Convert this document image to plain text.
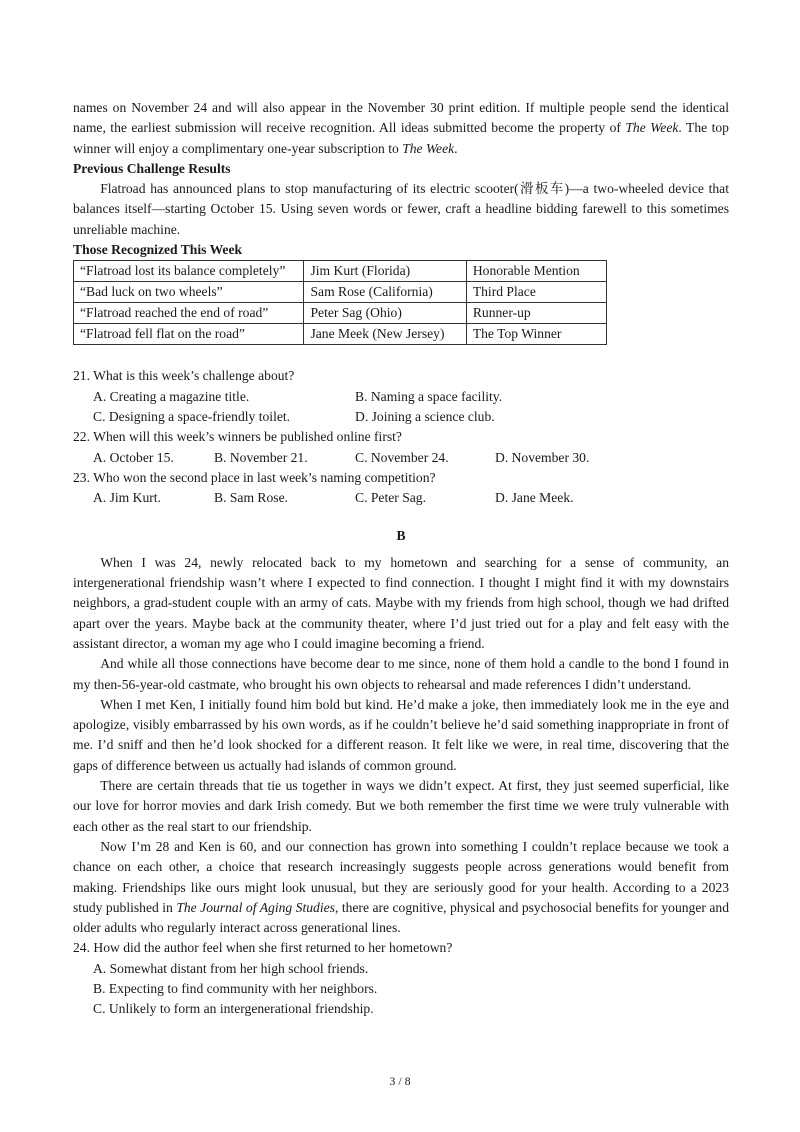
names on November 24 and will also appear in the November 30 print edition. If multiple people send the identical name, the earliest submission will receive recognition. All ideas submitted become the property of The Week. The top winner will enjoy a complimentary one-year subscription to The Week.

Previous Challenge Results

Flatroad has announced plans to stop manufacturing of its electric scooter(滑板车)—a two-wheeled device that balances itself—starting October 15. Using seven words or fewer, craft a headline bidding farewell to this sometimes unreliable machine.

Those Recognized This Week

“Flatroad lost its balance completely”	Jim Kurt (Florida)	Honorable Mention
“Bad luck on two wheels”	Sam Rose (California)	Third Place
“Flatroad reached the end of road”	Peter Sag (Ohio)	Runner-up
“Flatroad fell flat on the road”	Jane Meek (New Jersey)	The Top Winner

21. What is this week’s challenge about?

A. Creating a magazine title.	B. Naming a space facility.
C. Designing a space-friendly toilet.	D. Joining a science club.

22. When will this week’s winners be published online first?

A. October 15.	B. November 21.	C. November 24.	D. November 30.

23. Who won the second place in last week’s naming competition?

A. Jim Kurt.	B. Sam Rose.	C. Peter Sag.	D. Jane Meek.

B

When I was 24, newly relocated back to my hometown and searching for a sense of community, an intergenerational friendship wasn’t where I expected to find connection. I thought I might find it with my downstairs neighbors, a grad-student couple with an army of cats. Maybe with my friends from high school, though we had drifted apart over the years. Maybe back at the community theater, where I’d just tried out for a play and felt easy with the assistant director, a woman my age who I could imagine becoming a friend.

And while all those connections have become dear to me since, none of them hold a candle to the bond I found in my then-56-year-old castmate, who brought his own objects to rehearsal and made references I didn’t understand.

When I met Ken, I initially found him bold but kind. He’d make a joke, then immediately look me in the eye and apologize, visibly embarrassed by his own words, as if he couldn’t believe he’d said something inappropriate in front of me. I’d sniff and then he’d look shocked for a different reason. It felt like we were, in real time, discovering that the gaps of difference between us actually had islands of common ground.

There are certain threads that tie us together in ways we didn’t expect. At first, they just seemed superficial, like our love for horror movies and dark Irish comedy. But we both remember the first time we were truly vulnerable with each other as the real start to our friendship.

Now I’m 28 and Ken is 60, and our connection has grown into something I couldn’t replace because we took a chance on each other, a choice that research increasingly suggests people across generations would benefit from making. Friendships like ours might look unusual, but they are seriously good for your health. According to a 2023 study published in The Journal of Aging Studies, there are cognitive, physical and psychosocial benefits for younger and older adults who regularly interact across generational lines.

24. How did the author feel when she first returned to her hometown?

A. Somewhat distant from her high school friends.

B. Expecting to find community with her neighbors.

C. Unlikely to form an intergenerational friendship.

3 / 8
